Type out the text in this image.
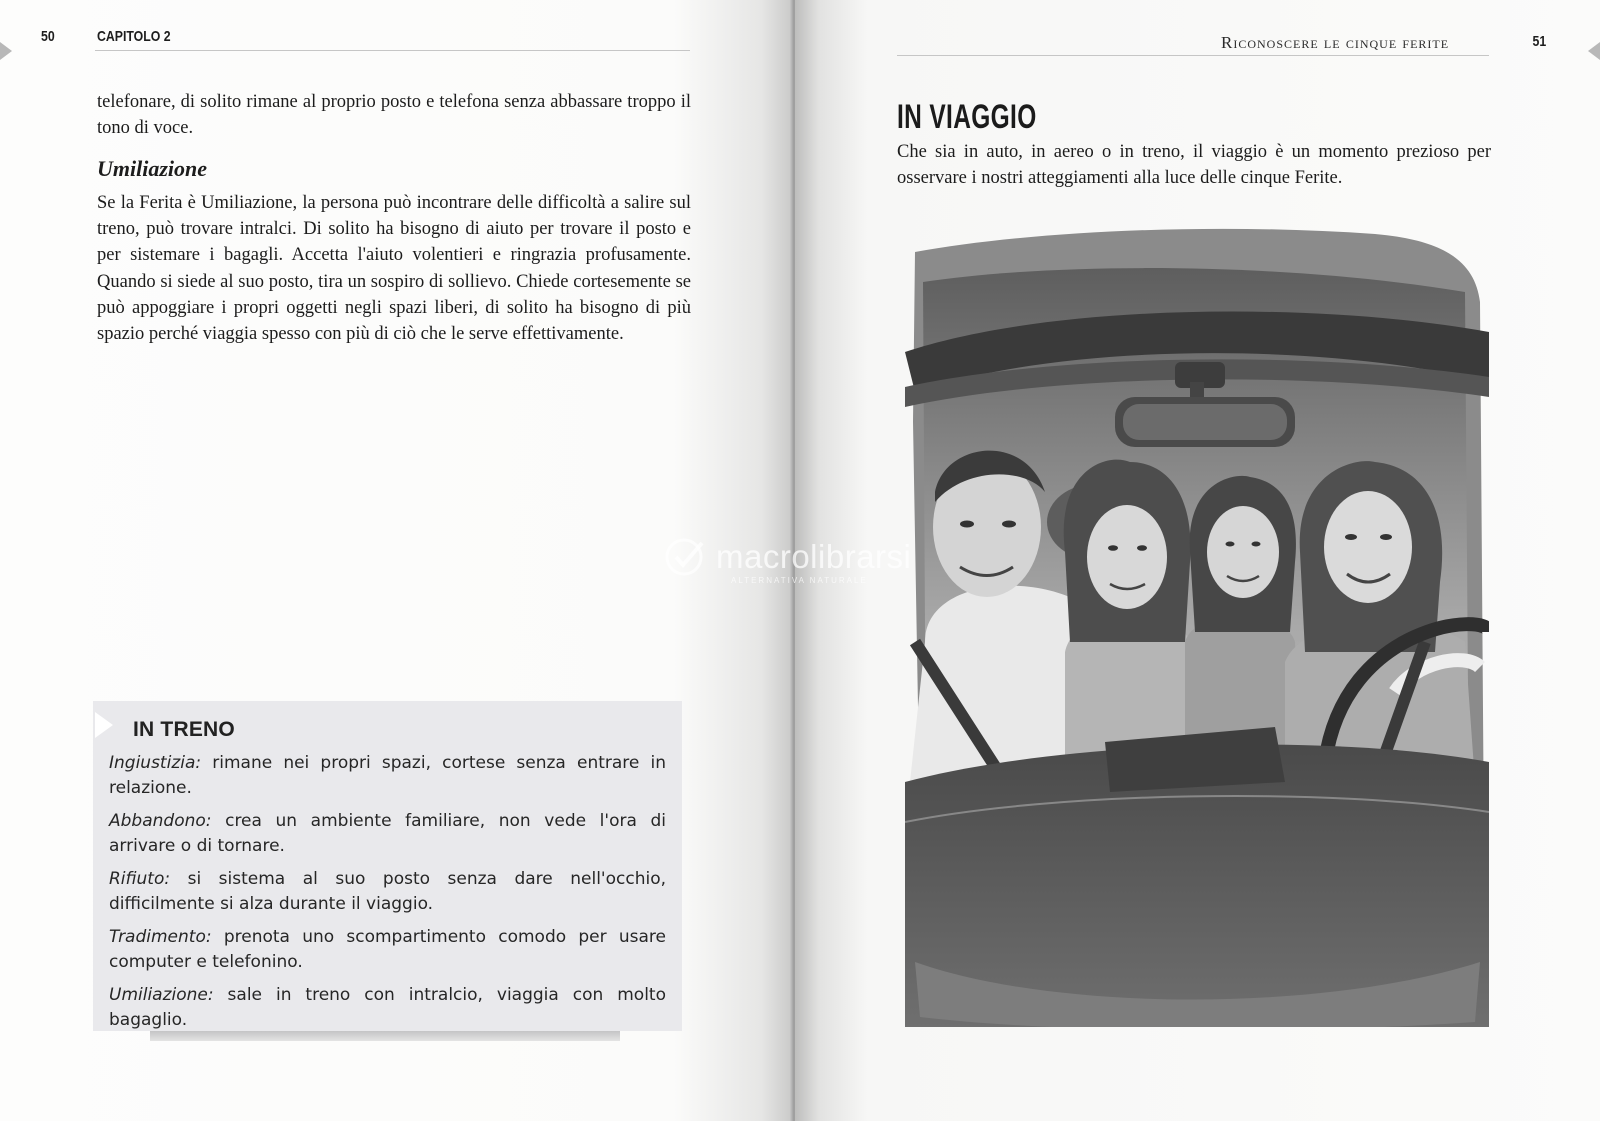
50	CAPITOLO 2

telefonare, di solito rimane al proprio posto e telefona senza abbassare troppo il tono di voce.

Umiliazione

Se la Ferita è Umiliazione, la persona può incontrare delle difficoltà a salire sul treno, può trovare intralci. Di solito ha bisogno di aiuto per trovare il posto e per sistemare i bagagli. Accetta l'aiuto volentieri e ringrazia profusamente. Quando si siede al suo posto, tira un sospiro di sollievo. Chiede cortesemente se può appoggiare i propri oggetti negli spazi liberi, di solito ha bisogno di più spazio perché viaggia spesso con più di ciò che le serve effettivamente.

IN TRENO

Ingiustizia: rimane nei propri spazi, cortese senza entrare in relazione.

Abbandono: crea un ambiente familiare, non vede l'ora di arrivare o di tornare.

Rifiuto: si sistema al suo posto senza dare nell'occhio, difficilmente si alza durante il viaggio.

Tradimento: prenota uno scompartimento comodo per usare computer e telefonino.

Umiliazione: sale in treno con intralcio, viaggia con molto bagaglio.

Riconoscere le cinque ferite	51
IN VIAGGIO

Che sia in auto, in aereo o in treno, il viaggio è un momento prezioso per osservare i nostri atteggiamenti alla luce delle cinque Ferite.

macrolibrarsi
ALTERNATIVA NATURALE
